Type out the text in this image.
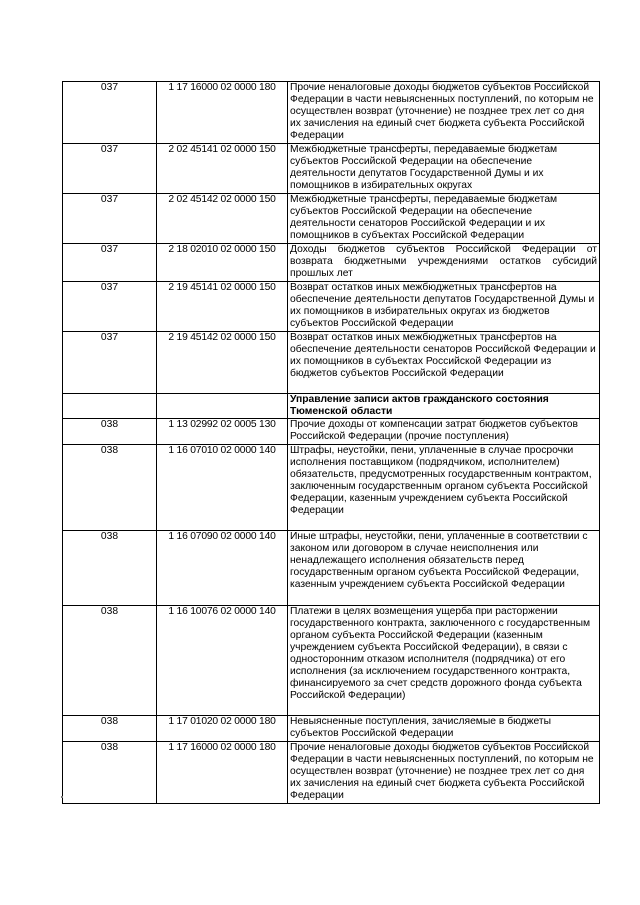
037	1 17 16000 02 0000 180	Прочие неналоговые доходы бюджетов субъектов Российской Федерации в части невыясненных поступлений, по которым не осуществлен возврат (уточнение) не позднее трех лет со дня их зачисления на единый счет бюджета субъекта Российской Федерации
037	2 02 45141 02 0000 150	Межбюджетные трансферты, передаваемые бюджетам субъектов Российской Федерации на обеспечение деятельности депутатов Государственной Думы и их помощников в избирательных округах
037	2 02 45142 02 0000 150	Межбюджетные трансферты, передаваемые бюджетам субъектов Российской Федерации на обеспечение деятельности сенаторов Российской Федерации и их помощников в субъектах Российской Федерации
037	2 18 02010 02 0000 150	Доходы бюджетов субъектов Российской Федерации от возврата бюджетными учреждениями остатков субсидий прошлых лет
037	2 19 45141 02 0000 150	Возврат остатков иных межбюджетных трансфертов на обеспечение деятельности депутатов Государственной Думы и их помощников в избирательных округах из бюджетов субъектов Российской Федерации
037	2 19 45142 02 0000 150	Возврат остатков иных межбюджетных трансфертов на обеспечение деятельности сенаторов Российской Федерации и их помощников в субъектах Российской Федерации из бюджетов субъектов Российской Федерации
		Управление записи актов гражданского состояния Тюменской области
038	1 13 02992 02 0005 130	Прочие доходы от компенсации затрат бюджетов субъектов Российской Федерации (прочие поступления)
038	1 16 07010 02 0000 140	Штрафы, неустойки, пени, уплаченные в случае просрочки исполнения поставщиком (подрядчиком, исполнителем) обязательств, предусмотренных государственным контрактом, заключенным государственным органом субъекта Российской Федерации, казенным учреждением субъекта Российской Федерации
038	1 16 07090 02 0000 140	Иные штрафы, неустойки, пени, уплаченные в соответствии с законом или договором в случае неисполнения или ненадлежащего исполнения обязательств перед государственным органом субъекта Российской Федерации, казенным учреждением субъекта Российской Федерации
038	1 16 10076 02 0000 140	Платежи в целях возмещения ущерба при расторжении государственного контракта, заключенного с государственным органом субъекта Российской Федерации (казенным учреждением субъекта Российской Федерации), в связи с односторонним отказом исполнителя (подрядчика) от его исполнения (за исключением государственного контракта, финансируемого за счет средств дорожного фонда субъекта Российской Федерации)
038	1 17 01020 02 0000 180	Невыясненные поступления, зачисляемые в бюджеты субъектов Российской Федерации
038	1 17 16000 02 0000 180	Прочие неналоговые доходы бюджетов субъектов Российской Федерации в части невыясненных поступлений, по которым не осуществлен возврат (уточнение) не позднее трех лет со дня их зачисления на единый счет бюджета субъекта Российской Федерации
